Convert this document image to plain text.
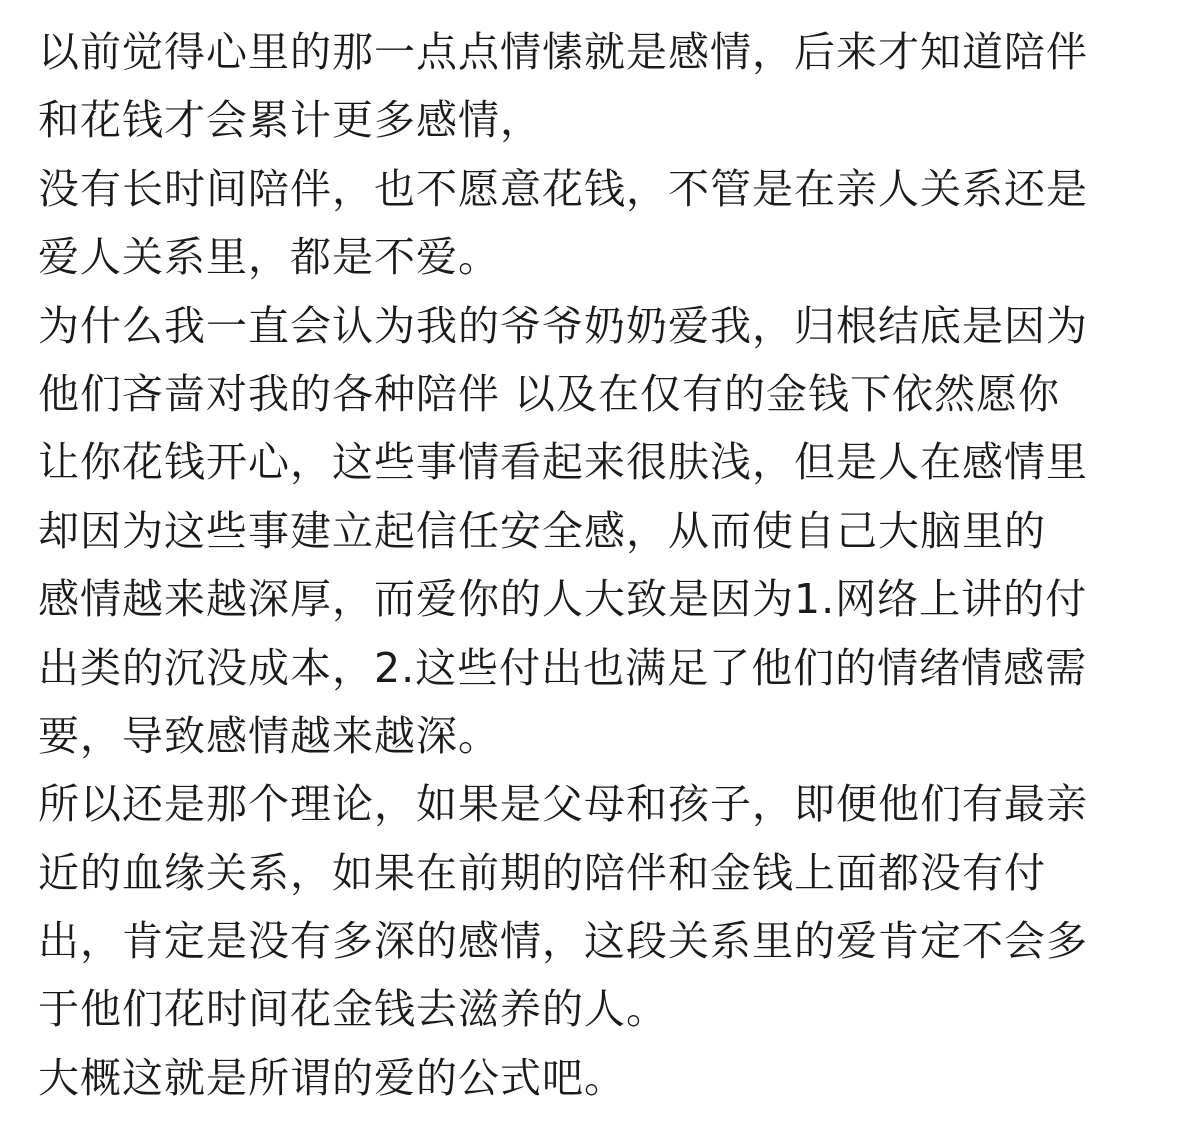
以前觉得心里的那一点点情愫就是感情，后来才知道陪伴
和花钱才会累计更多感情，
没有长时间陪伴，也不愿意花钱，不管是在亲人关系还是
爱人关系里，都是不爱。
为什么我一直会认为我的爷爷奶奶爱我，归根结底是因为
他们吝啬对我的各种陪伴 以及在仅有的金钱下依然愿你
让你花钱开心，这些事情看起来很肤浅，但是人在感情里
却因为这些事建立起信任安全感，从而使自己大脑里的
感情越来越深厚，而爱你的人大致是因为1.网络上讲的付
出类的沉没成本，2.这些付出也满足了他们的情绪情感需
要，导致感情越来越深。
所以还是那个理论，如果是父母和孩子，即便他们有最亲
近的血缘关系，如果在前期的陪伴和金钱上面都没有付
出，肯定是没有多深的感情，这段关系里的爱肯定不会多
于他们花时间花金钱去滋养的人。
大概这就是所谓的爱的公式吧。
